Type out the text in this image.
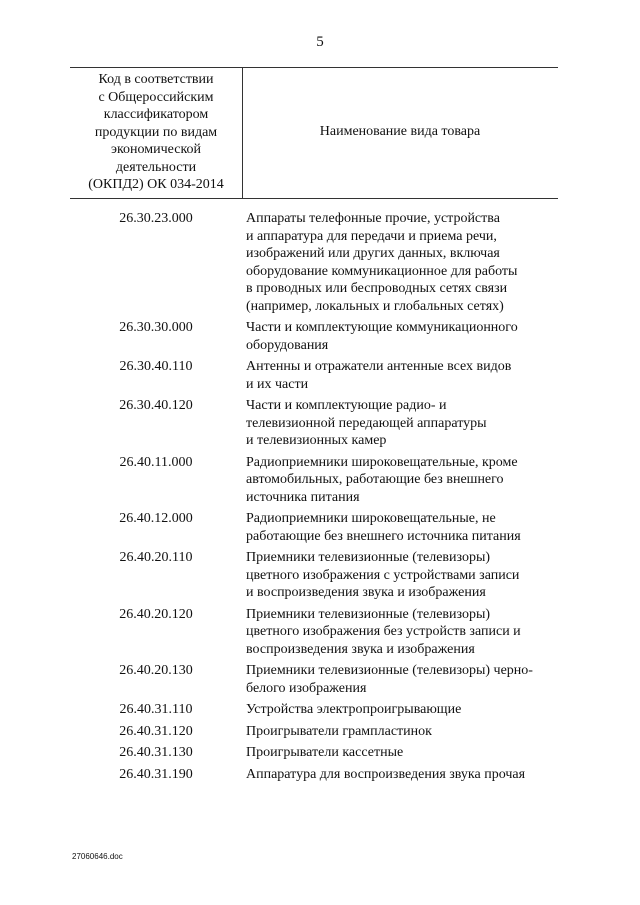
5
Код в соответствии
с Общероссийским
классификатором
продукции по видам
экономической
деятельности
(ОКПД2) ОК 034-2014
Наименование вида товара
26.30.23.000	Аппараты телефонные прочие, устройства
и аппаратура для передачи и приема речи,
изображений или других данных, включая
оборудование коммуникационное для работы
в проводных или беспроводных сетях связи
(например, локальных и глобальных сетях)
26.30.30.000	Части и комплектующие коммуникационного
оборудования
26.30.40.110	Антенны и отражатели антенные всех видов
и их части
26.30.40.120	Части и комплектующие радио- и
телевизионной передающей аппаратуры
и телевизионных камер
26.40.11.000	Радиоприемники широковещательные, кроме
автомобильных, работающие без внешнего
источника питания
26.40.12.000	Радиоприемники широковещательные, не
работающие без внешнего источника питания
26.40.20.110	Приемники телевизионные (телевизоры)
цветного изображения с устройствами записи
и воспроизведения звука и изображения
26.40.20.120	Приемники телевизионные (телевизоры)
цветного изображения без устройств записи и
воспроизведения звука и изображения
26.40.20.130	Приемники телевизионные (телевизоры) черно-
белого изображения
26.40.31.110	Устройства электропроигрывающие
26.40.31.120	Проигрыватели грампластинок
26.40.31.130	Проигрыватели кассетные
26.40.31.190	Аппаратура для воспроизведения звука прочая
27060646.doc
